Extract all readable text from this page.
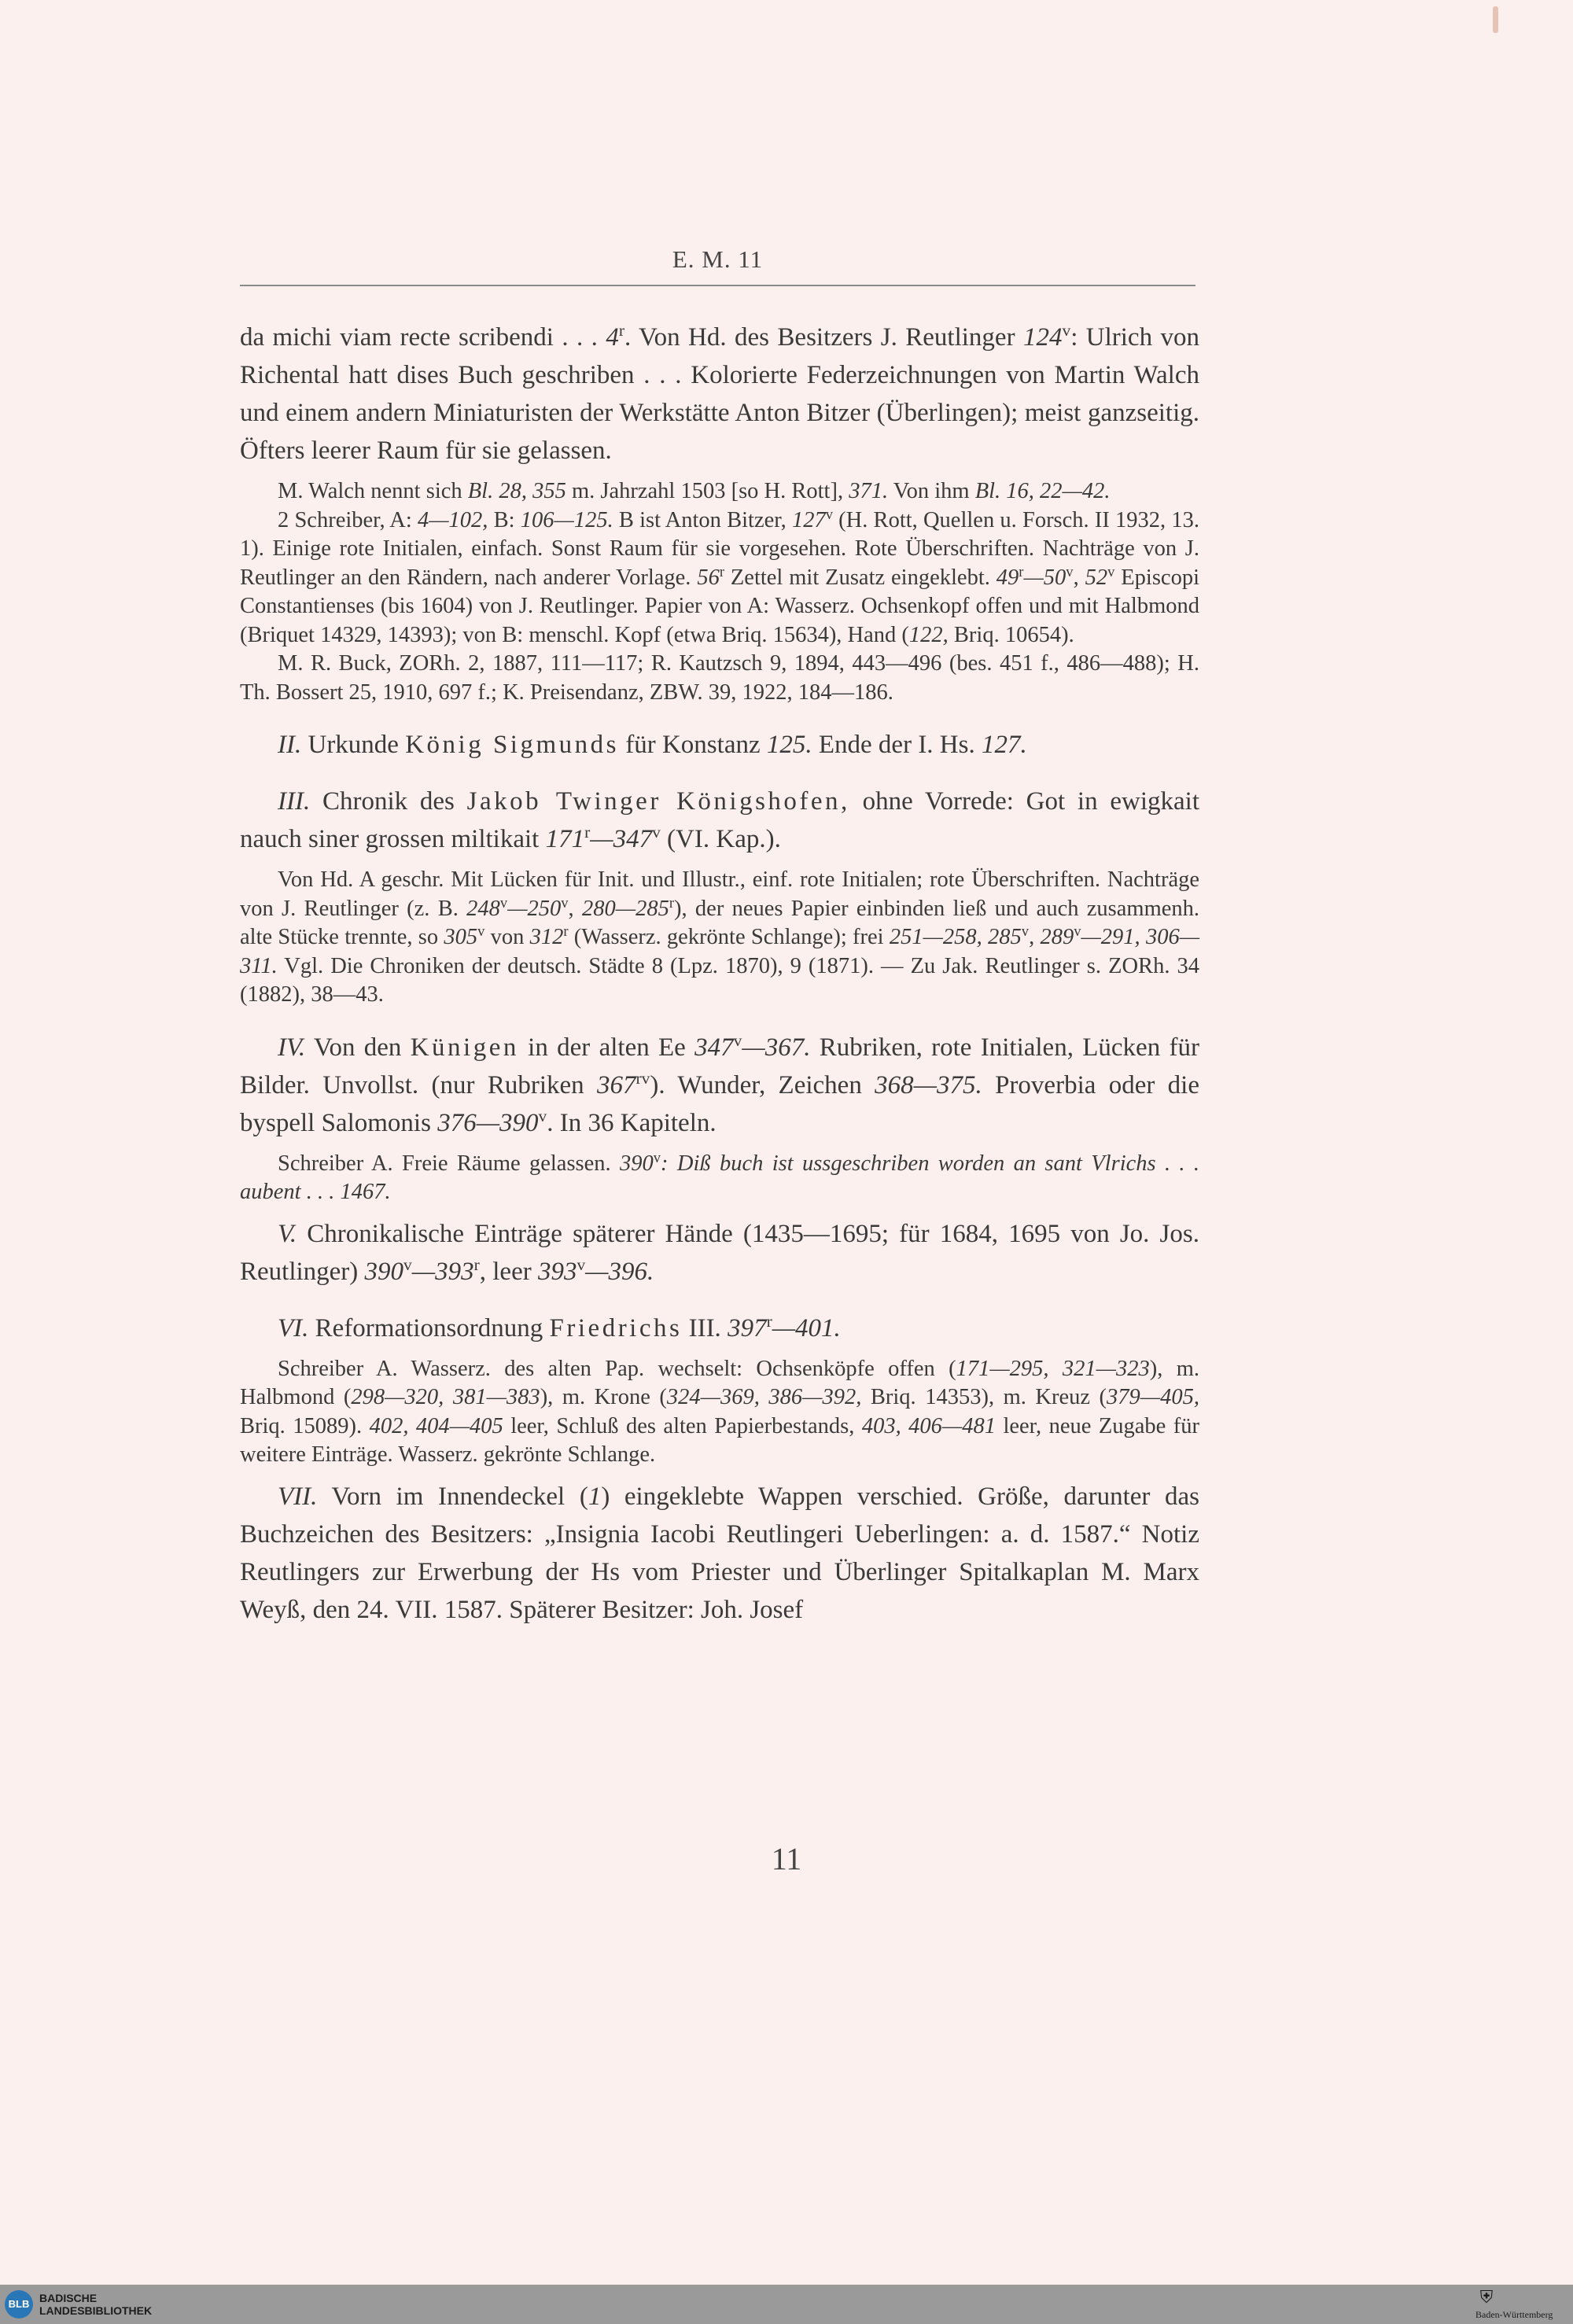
E. M. 11

da michi viam recte scribendi . . . 4$^r$. Von Hd. des Besitzers J. Reutlinger 124$^v$: Ulrich von Richental hatt dises Buch geschriben . . . Kolorierte Federzeichnungen von Martin Walch und einem andern Miniaturisten der Werkstätte Anton Bitzer (Überlingen); meist ganzseitig. Öfters leerer Raum für sie gelassen.

M. Walch nennt sich Bl. 28, 355 m. Jahrzahl 1503 [so H. Rott], 371. Von ihm Bl. 16, 22—42.

2 Schreiber, A: 4—102, B: 106—125. B ist Anton Bitzer, 127$^v$ (H. Rott, Quellen u. Forsch. II 1932, 13. 1). Einige rote Initialen, einfach. Sonst Raum für sie vorgesehen. Rote Überschriften. Nachträge von J. Reutlinger an den Rändern, nach anderer Vorlage. 56$^r$ Zettel mit Zusatz eingeklebt. 49$^r$—50$^v$, 52$^v$ Episcopi Constantienses (bis 1604) von J. Reutlinger. Papier von A: Wasserz. Ochsenkopf offen und mit Halbmond (Briquet 14329, 14393); von B: menschl. Kopf (etwa Briq. 15634), Hand (122, Briq. 10654).

M. R. Buck, ZORh. 2, 1887, 111—117; R. Kautzsch 9, 1894, 443—496 (bes. 451 f., 486—488); H. Th. Bossert 25, 1910, 697 f.; K. Preisendanz, ZBW. 39, 1922, 184—186.

II. Urkunde König Sigmunds für Konstanz 125. Ende der I. Hs. 127.

III. Chronik des Jakob Twinger Königshofen, ohne Vorrede: Got in ewigkait nauch siner grossen miltikait 171$^r$—347$^v$ (VI. Kap.).

Von Hd. A geschr. Mit Lücken für Init. und Illustr., einf. rote Initialen; rote Überschriften. Nachträge von J. Reutlinger (z. B. 248$^v$—250$^v$, 280—285$^r$), der neues Papier einbinden ließ und auch zusammenh. alte Stücke trennte, so 305$^v$ von 312$^r$ (Wasserz. gekrönte Schlange); frei 251—258, 285$^v$, 289$^v$—291, 306—311. Vgl. Die Chroniken der deutsch. Städte 8 (Lpz. 1870), 9 (1871). — Zu Jak. Reutlinger s. ZORh. 34 (1882), 38—43.

IV. Von den Künigen in der alten Ee 347$^v$—367. Rubriken, rote Initialen, Lücken für Bilder. Unvollst. (nur Rubriken $367^{rv}$). Wunder, Zeichen 368—375. Proverbia oder die byspell Salomonis 376—390$^v$. In 36 Kapiteln.

Schreiber A. Freie Räume gelassen. 390$^v$: Diß buch ist ussgeschriben worden an sant Vlrichs . . . aubent . . . 1467.

V. Chronikalische Einträge späterer Hände (1435—1695; für 1684, 1695 von Jo. Jos. Reutlinger) 390$^v$—393$^r$, leer 393$^v$—396.

VI. Reformationsordnung Friedrichs III. 397$^r$—401.

Schreiber A. Wasserz. des alten Pap. wechselt: Ochsenköpfe offen (171—295, 321—323), m. Halbmond (298—320, 381—383), m. Krone (324—369, 386—392, Briq. 14353), m. Kreuz (379—405, Briq. 15089). 402, 404—405 leer, Schluß des alten Papierbestands, 403, 406—481 leer, neue Zugabe für weitere Einträge. Wasserz. gekrönte Schlange.

VII. Vorn im Innendeckel (1) eingeklebte Wappen verschied. Größe, darunter das Buchzeichen des Besitzers: „Insignia Iacobi Reutlingeri Ueberlingen: a. d. 1587.“ Notiz Reutlingers zur Erwerbung der Hs vom Priester und Überlinger Spitalkaplan M. Marx Weyß, den 24. VII. 1587. Späterer Besitzer: Joh. Josef

11
BLB BADISCHE
LANDESBIBLIOTHEK
⛨
Baden-Württemberg
